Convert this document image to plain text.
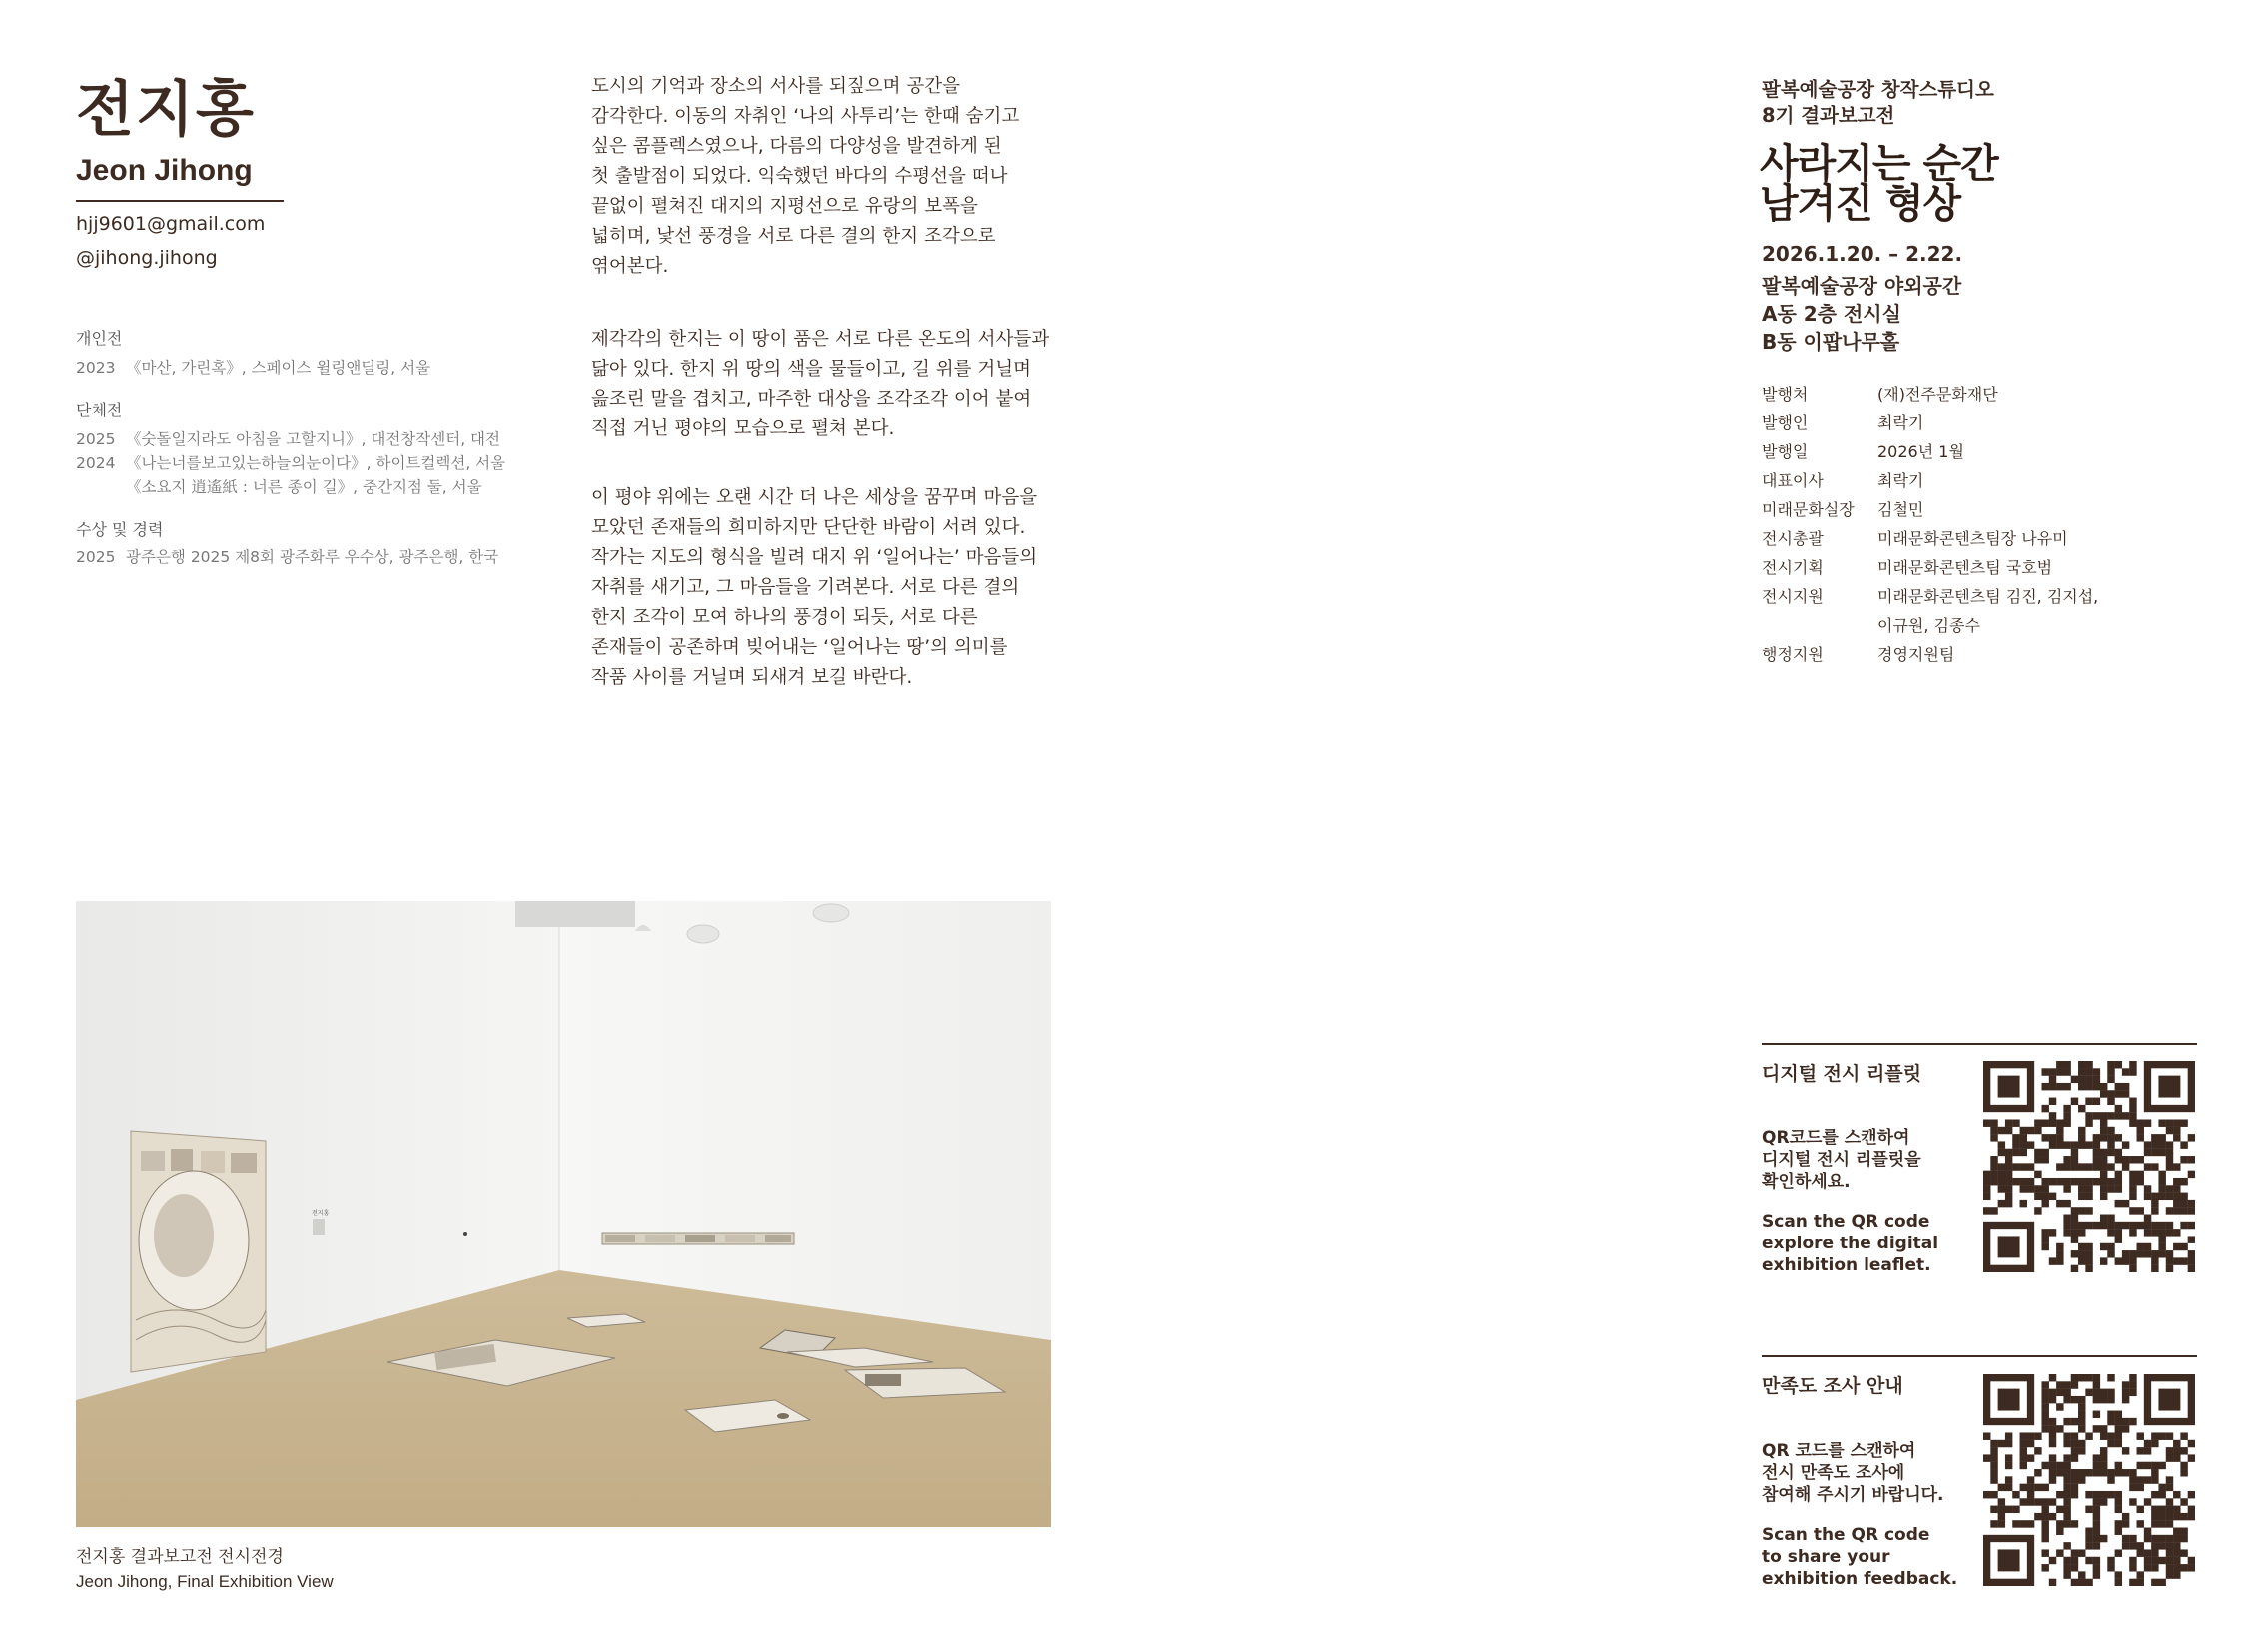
전지홍
Jeon Jihong
hjj9601@gmail.com
@jihong.jihong
개인전
2023 《마산, 가린혹》, 스페이스 윌링앤딜링, 서울
단체전
2025 《숫돌일지라도 아침을 고할지니》, 대전창작센터, 대전
2024 《나는너를보고있는하늘의눈이다》, 하이트컬렉션, 서울
《소요지 逍遙紙 : 너른 종이 길》, 중간지점 둘, 서울
수상 및 경력
2025 광주은행 2025 제8회 광주화루 우수상, 광주은행, 한국
도시의 기억과 장소의 서사를 되짚으며 공간을
감각한다. 이동의 자취인 ‘나의 사투리’는 한때 숨기고
싶은 콤플렉스였으나, 다름의 다양성을 발견하게 된
첫 출발점이 되었다. 익숙했던 바다의 수평선을 떠나
끝없이 펼쳐진 대지의 지평선으로 유랑의 보폭을
넓히며, 낯선 풍경을 서로 다른 결의 한지 조각으로
엮어본다.
제각각의 한지는 이 땅이 품은 서로 다른 온도의 서사들과
닮아 있다. 한지 위 땅의 색을 물들이고, 길 위를 거닐며
읊조린 말을 겹치고, 마주한 대상을 조각조각 이어 붙여
직접 거닌 평야의 모습으로 펼쳐 본다.
이 평야 위에는 오랜 시간 더 나은 세상을 꿈꾸며 마음을
모았던 존재들의 희미하지만 단단한 바람이 서려 있다.
작가는 지도의 형식을 빌려 대지 위 ‘일어나는’ 마음들의
자취를 새기고, 그 마음들을 기려본다. 서로 다른 결의
한지 조각이 모여 하나의 풍경이 되듯, 서로 다른
존재들이 공존하며 빚어내는 ‘일어나는 땅’의 의미를
작품 사이를 거닐며 되새겨 보길 바란다.
팔복예술공장 창작스튜디오
8기 결과보고전
사라지는 순간
남겨진 형상
2026.1.20. – 2.22.
팔복예술공장 야외공간
A동 2층 전시실
B동 이팝나무홀
발행처	(재)전주문화재단
발행인	최락기
발행일	2026년 1월
대표이사	최락기
미래문화실장 김철민
전시총괄	미래문화콘텐츠팀장 나유미
전시기획	미래문화콘텐츠팀 국호범
전시지원	미래문화콘텐츠팀 김진, 김지섭,
이규원, 김종수
행정지원	경영지원팀
디지털 전시 리플릿
QR코드를 스캔하여
디지털 전시 리플릿을
확인하세요.
Scan the QR code
explore the digital
exhibition leaflet.
만족도 조사 안내
QR 코드를 스캔하여
전시 만족도 조사에
참여해 주시기 바랍니다.
Scan the QR code
to share your
exhibition feedback.
전지홍
전지홍 결과보고전 전시전경
Jeon Jihong, Final Exhibition View
